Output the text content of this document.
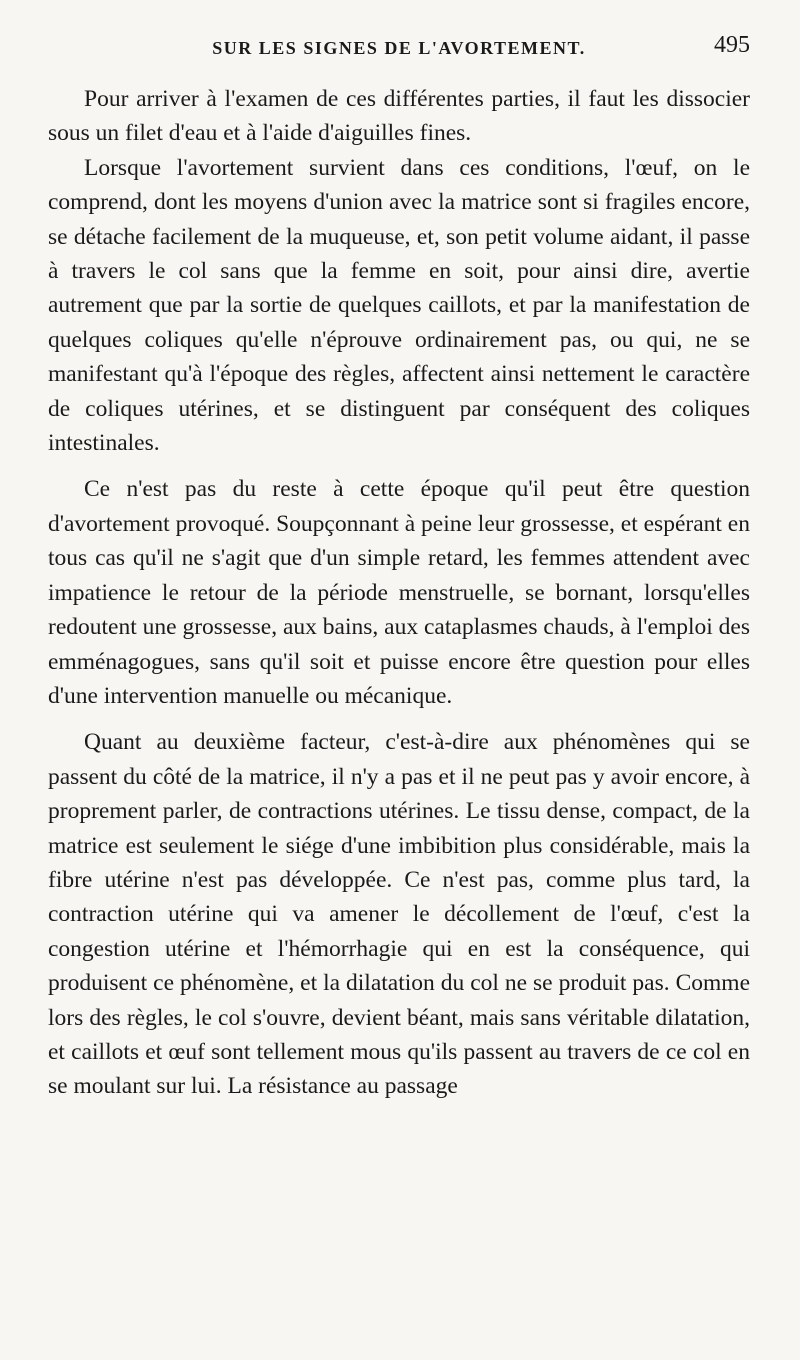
SUR LES SIGNES DE L'AVORTEMENT.	495

Pour arriver à l'examen de ces différentes parties, il faut les dissocier sous un filet d'eau et à l'aide d'aiguilles fines.

Lorsque l'avortement survient dans ces conditions, l'œuf, on le comprend, dont les moyens d'union avec la matrice sont si fragiles encore, se détache facilement de la muqueuse, et, son petit volume aidant, il passe à travers le col sans que la femme en soit, pour ainsi dire, avertie autrement que par la sortie de quelques caillots, et par la manifestation de quelques coliques qu'elle n'éprouve ordinairement pas, ou qui, ne se manifestant qu'à l'époque des règles, affectent ainsi nettement le caractère de coliques utérines, et se distinguent par conséquent des coliques intestinales.

Ce n'est pas du reste à cette époque qu'il peut être question d'avortement provoqué. Soupçonnant à peine leur grossesse, et espérant en tous cas qu'il ne s'agit que d'un simple retard, les femmes attendent avec impatience le retour de la période menstruelle, se bornant, lorsqu'elles redoutent une grossesse, aux bains, aux cataplasmes chauds, à l'emploi des emménagogues, sans qu'il soit et puisse encore être question pour elles d'une intervention manuelle ou mécanique.

Quant au deuxième facteur, c'est-à-dire aux phénomènes qui se passent du côté de la matrice, il n'y a pas et il ne peut pas y avoir encore, à proprement parler, de contractions utérines. Le tissu dense, compact, de la matrice est seulement le siége d'une imbibition plus considérable, mais la fibre utérine n'est pas développée. Ce n'est pas, comme plus tard, la contraction utérine qui va amener le décollement de l'œuf, c'est la congestion utérine et l'hémorrhagie qui en est la conséquence, qui produisent ce phénomène, et la dilatation du col ne se produit pas. Comme lors des règles, le col s'ouvre, devient béant, mais sans véritable dilatation, et caillots et œuf sont tellement mous qu'ils passent au travers de ce col en se moulant sur lui. La résistance au passage
